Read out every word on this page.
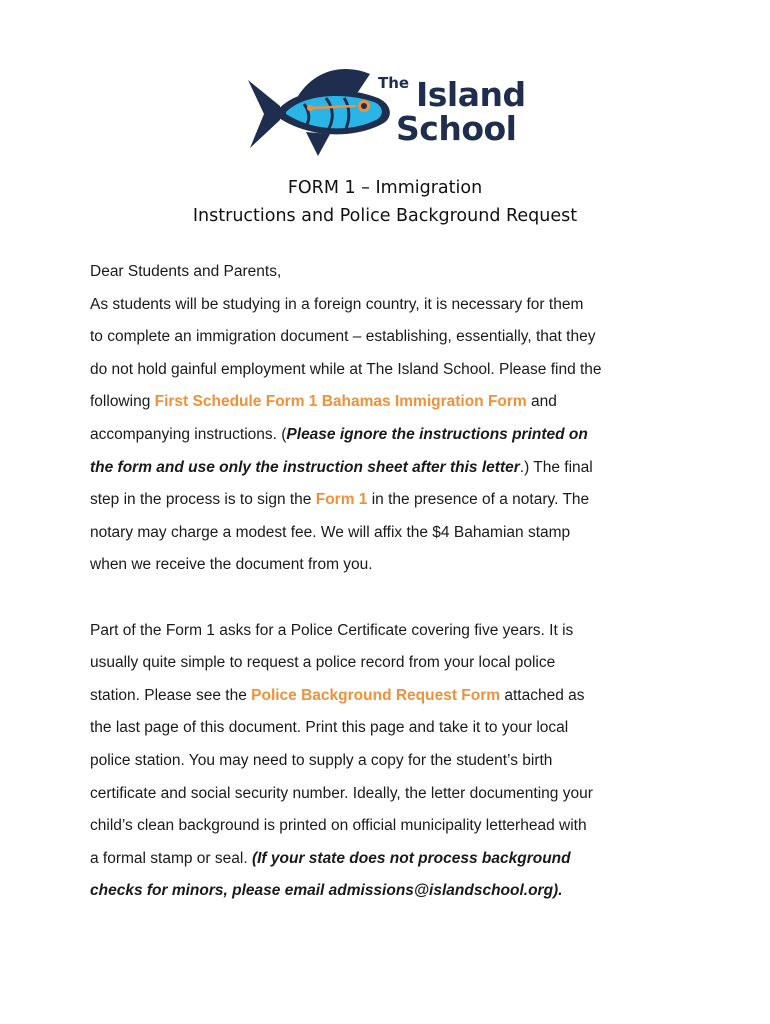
The Island
School
FORM 1 – Immigration
Instructions and Police Background Request
Dear Students and Parents,
As students will be studying in a foreign country, it is necessary for them
to complete an immigration document – establishing, essentially, that they
do not hold gainful employment while at The Island School. Please find the
following First Schedule Form 1 Bahamas Immigration Form and
accompanying instructions. (Please ignore the instructions printed on
the form and use only the instruction sheet after this letter.) The final
step in the process is to sign the Form 1 in the presence of a notary. The
notary may charge a modest fee. We will affix the $4 Bahamian stamp
when we receive the document from you.
Part of the Form 1 asks for a Police Certificate covering five years. It is
usually quite simple to request a police record from your local police
station. Please see the Police Background Request Form attached as
the last page of this document. Print this page and take it to your local
police station. You may need to supply a copy for the student’s birth
certificate and social security number. Ideally, the letter documenting your
child’s clean background is printed on official municipality letterhead with
a formal stamp or seal. (If your state does not process background
checks for minors, please email admissions@islandschool.org).
